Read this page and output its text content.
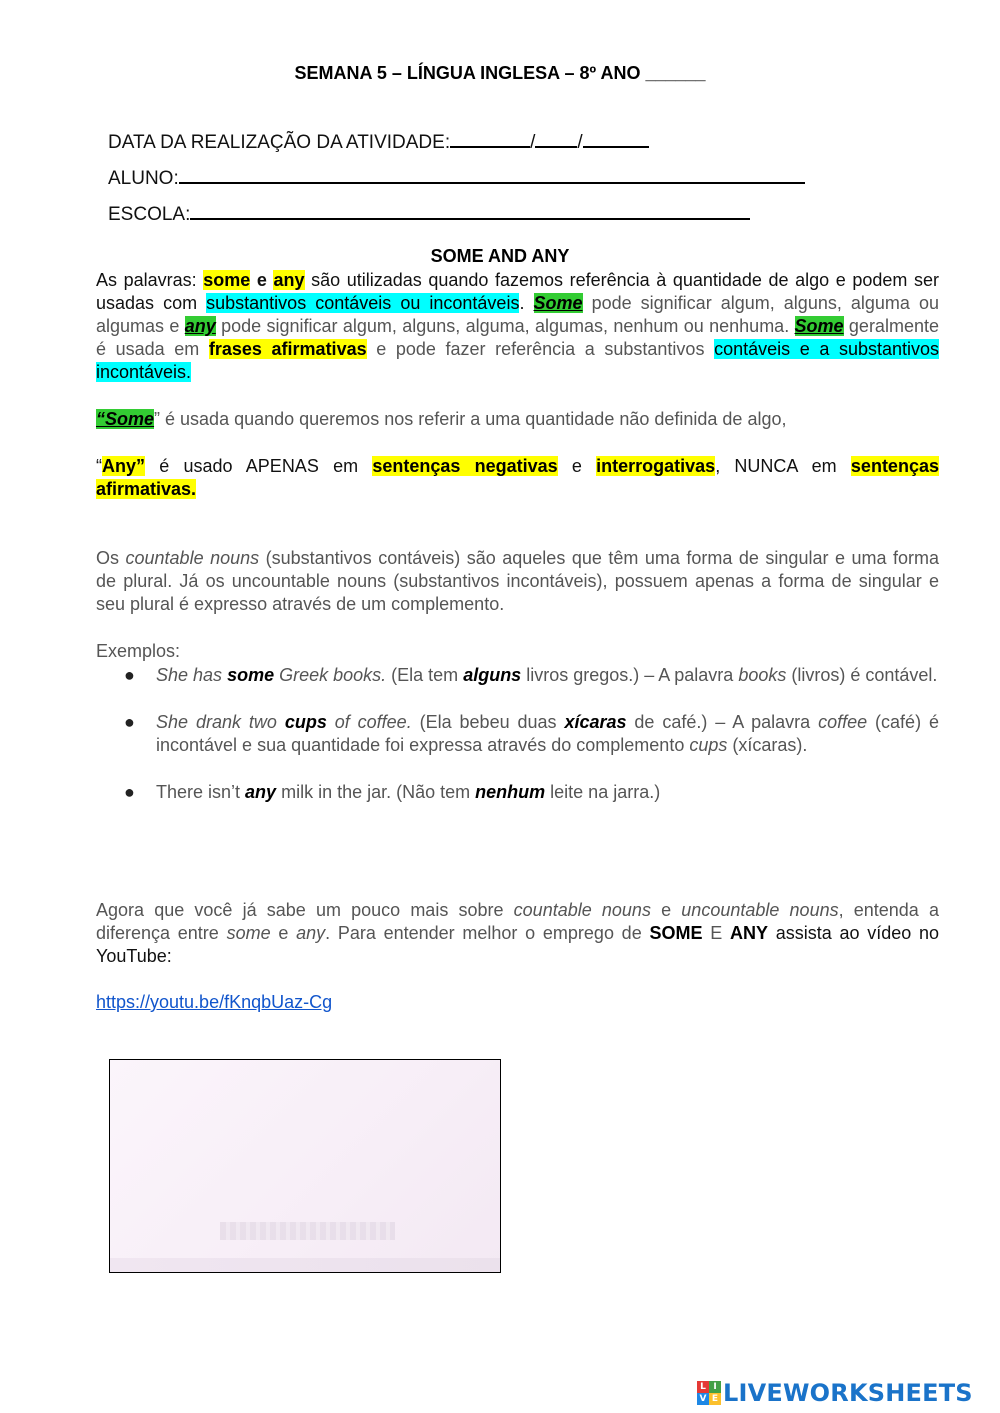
SEMANA 5 – LÍNGUA INGLESA – 8º ANO ______
DATA DA REALIZAÇÃO DA ATIVIDADE:	/ /
ALUNO:
ESCOLA:
SOME AND ANY
As palavras: some e any são utilizadas quando fazemos referência à quantidade de algo e podem ser usadas com substantivos contáveis ou incontáveis. Some pode significar algum, alguns, alguma ou algumas e any pode significar algum, alguns, alguma, algumas, nenhum ou nenhuma. Some geralmente é usada em frases afirmativas e pode fazer referência a substantivos contáveis e a substantivos incontáveis.
“Some” é usada quando queremos nos referir a uma quantidade não definida de algo,
“Any” é usado APENAS em sentenças negativas e interrogativas, NUNCA em sentenças afirmativas.
Os countable nouns (substantivos contáveis) são aqueles que têm uma forma de singular e uma forma de plural. Já os uncountable nouns (substantivos incontáveis), possuem apenas a forma de singular e seu plural é expresso através de um complemento.
Exemplos:
● She has some Greek books. (Ela tem alguns livros gregos.) – A palavra books (livros) é contável.
● She drank two cups of coffee. (Ela bebeu duas xícaras de café.) – A palavra coffee (café) é incontável e sua quantidade foi expressa através do complemento cups (xícaras).
● There isn’t any milk in the jar. (Não tem nenhum leite na jarra.)
Agora que você já sabe um pouco mais sobre countable nouns e uncountable nouns, entenda a diferença entre some e any. Para entender melhor o emprego de SOME E ANY assista ao vídeo no YouTube:
https://youtu.be/fKnqbUaz-Cg
L I
V E LIVEWORKSHEETS
